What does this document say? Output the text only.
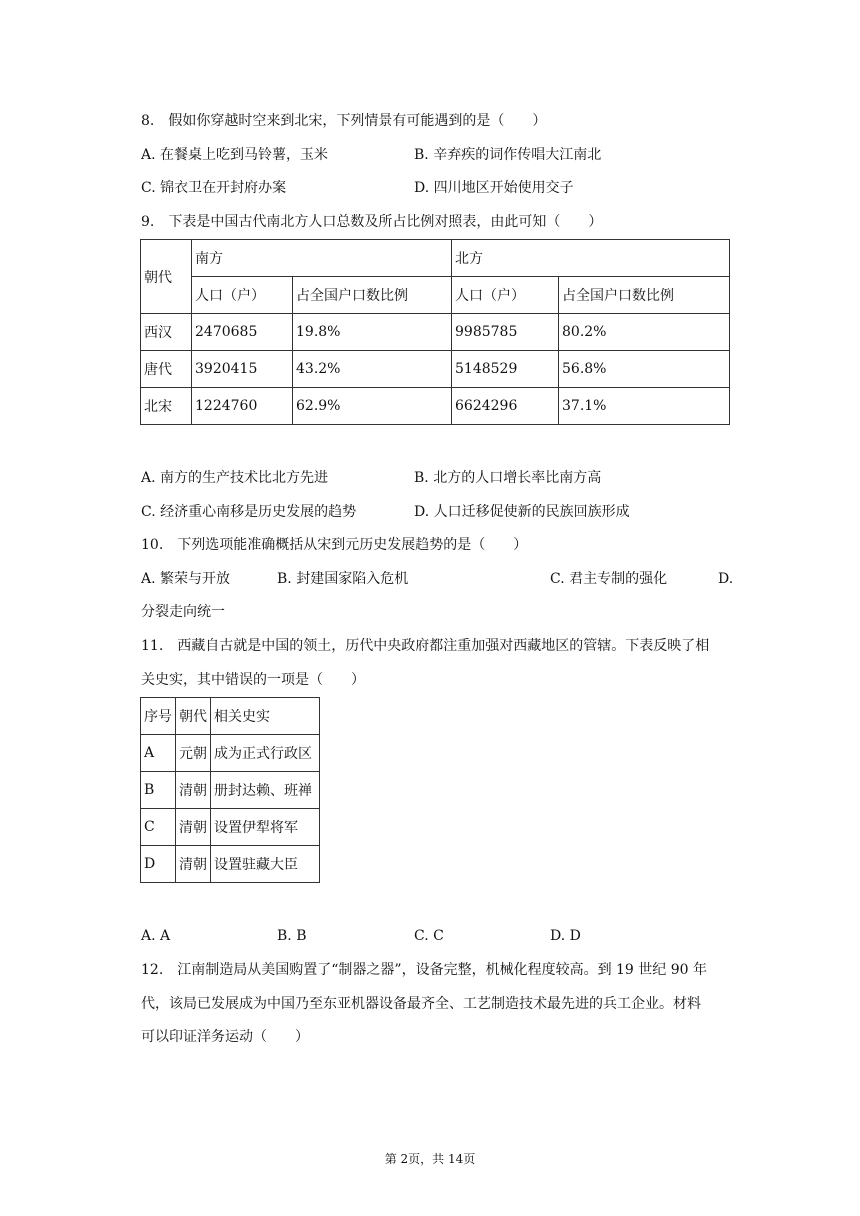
8.　假如你穿越时空来到北宋，下列情景有可能遇到的是（　　）
A. 在餐桌上吃到马铃薯，玉米	B. 辛弃疾的词作传唱大江南北
C. 锦衣卫在开封府办案	D. 四川地区开始使用交子
9.　下表是中国古代南北方人口总数及所占比例对照表，由此可知（　　）
朝代	南方		北方	
	人口（户）	占全国户口数比例	人口（户）	占全国户口数比例
西汉	2470685	19.8%	9985785	80.2%
唐代	3920415	43.2%	5148529	56.8%
北宋	1224760	62.9%	6624296	37.1%
A. 南方的生产技术比北方先进	B. 北方的人口增长率比南方高
C. 经济重心南移是历史发展的趋势	D. 人口迁移促使新的民族回族形成
10.　下列选项能准确概括从宋到元历史发展趋势的是（　　）
A. 繁荣与开放	B. 封建国家陷入危机	C. 君主专制的强化	D.
分裂走向统一
11.　西藏自古就是中国的领土，历代中央政府都注重加强对西藏地区的管辖。下表反映了相
关史实，其中错误的一项是（　　）
序号	朝代	相关史实
A	元朝	成为正式行政区
B	清朝	册封达赖、班禅
C	清朝	设置伊犁将军
D	清朝	设置驻藏大臣
A. A	B. B	C. C	D. D
12.　江南制造局从美国购置了“制器之器”，设备完整，机械化程度较高。到 19 世纪 90 年
代，该局已发展成为中国乃至东亚机器设备最齐全、工艺制造技术最先进的兵工企业。材料
可以印证洋务运动（　　）
第 2页，共 14页
